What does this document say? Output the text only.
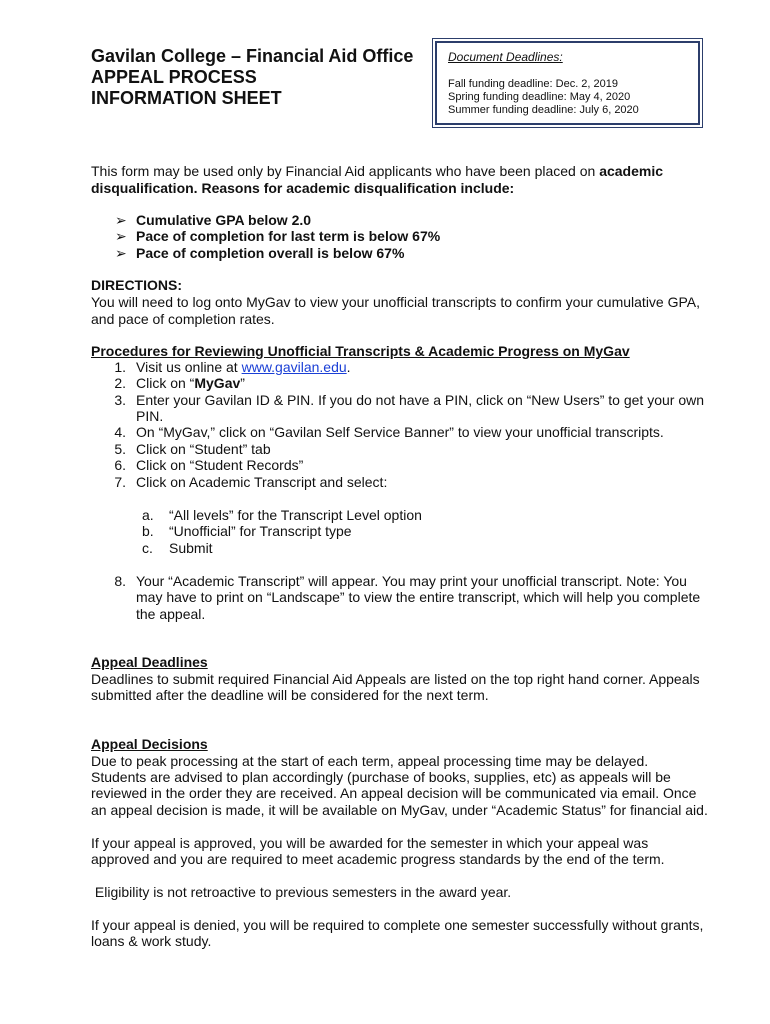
Gavilan College – Financial Aid Office
APPEAL PROCESS
INFORMATION SHEET
Document Deadlines:
Fall funding deadline: Dec. 2, 2019
Spring funding deadline: May 4, 2020
Summer funding deadline: July 6, 2020
This form may be used only by Financial Aid applicants who have been placed on academic
disqualification. Reasons for academic disqualification include:
➢ Cumulative GPA below 2.0
➢ Pace of completion for last term is below 67%
➢ Pace of completion overall is below 67%
DIRECTIONS:
You will need to log onto MyGav to view your unofficial transcripts to confirm your cumulative GPA,
and pace of completion rates.
Procedures for Reviewing Unofficial Transcripts & Academic Progress on MyGav
1. Visit us online at www.gavilan.edu.
2. Click on “MyGav”
3. Enter your Gavilan ID & PIN. If you do not have a PIN, click on “New Users” to get your own
PIN.
4. On “MyGav,” click on “Gavilan Self Service Banner” to view your unofficial transcripts.
5. Click on “Student” tab
6. Click on “Student Records”
7. Click on Academic Transcript and select:
a. “All levels” for the Transcript Level option
b. “Unofficial” for Transcript type
c. Submit
8. Your “Academic Transcript” will appear. You may print your unofficial transcript. Note: You
may have to print on “Landscape” to view the entire transcript, which will help you complete
the appeal.
Appeal Deadlines
Deadlines to submit required Financial Aid Appeals are listed on the top right hand corner. Appeals
submitted after the deadline will be considered for the next term.
Appeal Decisions
Due to peak processing at the start of each term, appeal processing time may be delayed.
Students are advised to plan accordingly (purchase of books, supplies, etc) as appeals will be
reviewed in the order they are received. An appeal decision will be communicated via email. Once
an appeal decision is made, it will be available on MyGav, under “Academic Status” for financial aid.
If your appeal is approved, you will be awarded for the semester in which your appeal was
approved and you are required to meet academic progress standards by the end of the term.
Eligibility is not retroactive to previous semesters in the award year.
If your appeal is denied, you will be required to complete one semester successfully without grants,
loans & work study.
